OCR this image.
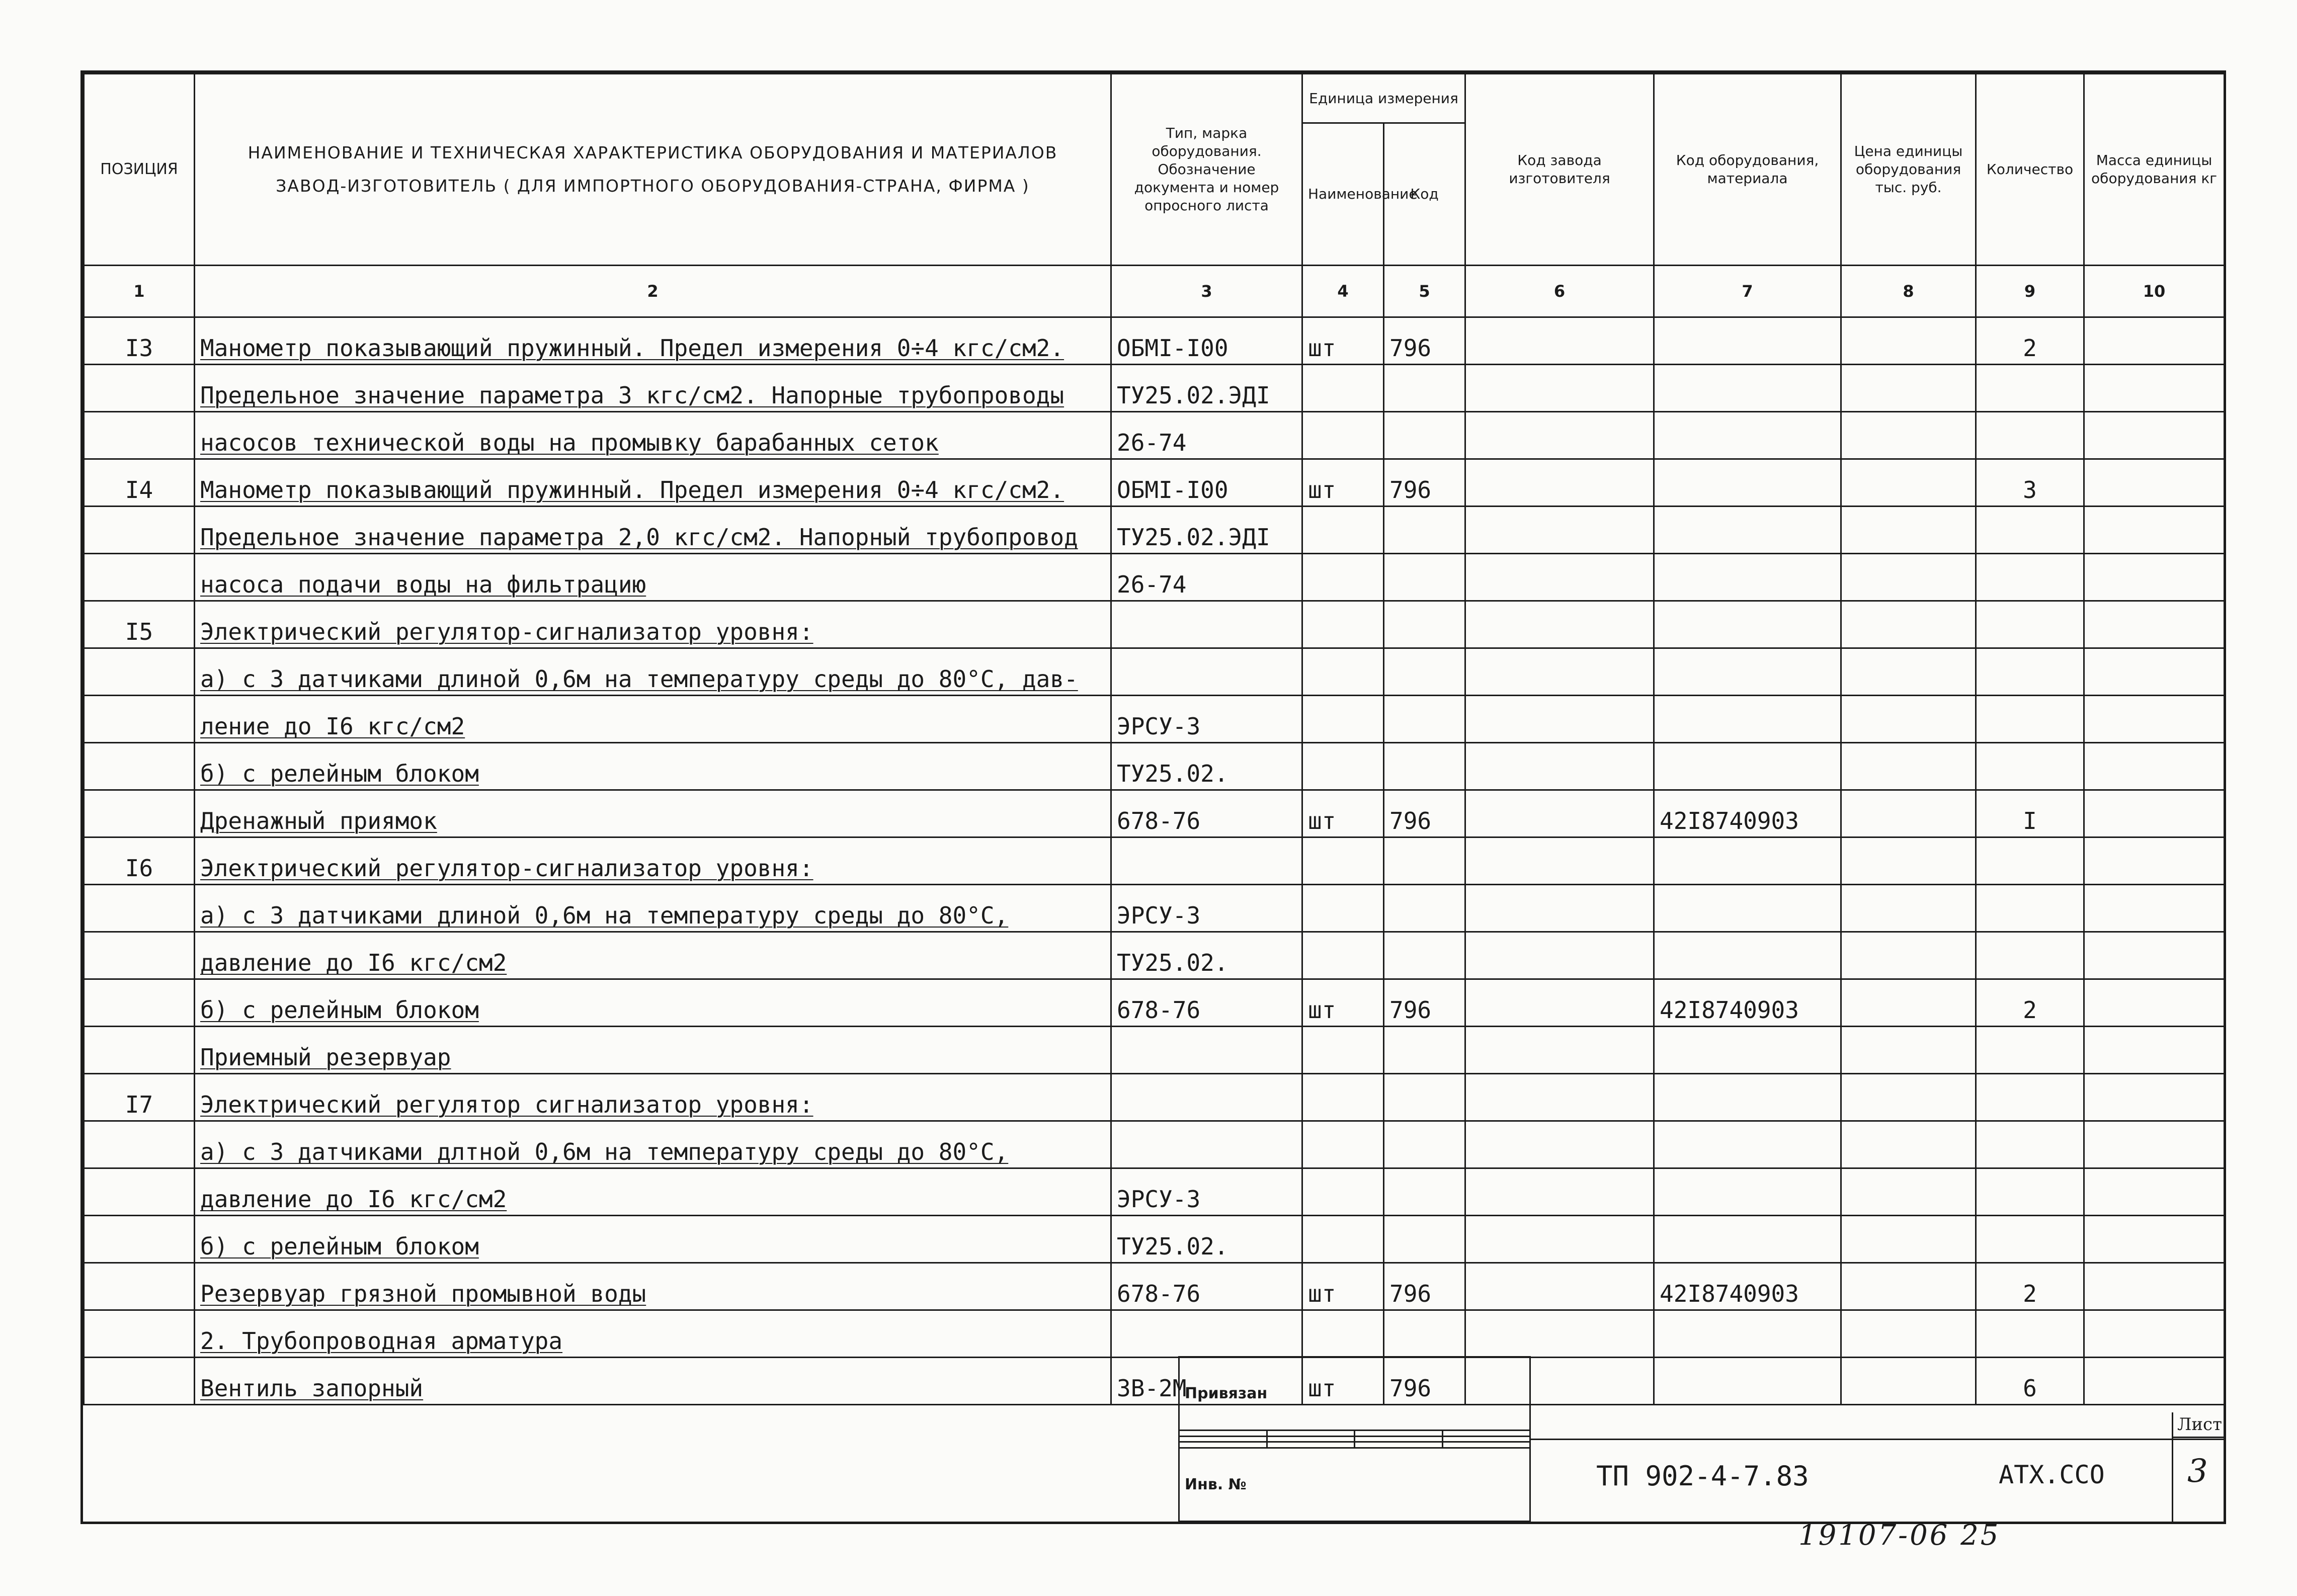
ПОЗИЦИЯ	НАИМЕНОВАНИЕ И ТЕХНИЧЕСКАЯ ХАРАКТЕРИСТИКА ОБОРУДОВАНИЯ И МАТЕРИАЛОВ
ЗАВОД-ИЗГОТОВИТЕЛЬ ( ДЛЯ ИМПОРТНОГО ОБОРУДОВАНИЯ-СТРАНА, ФИРМА )	Тип, марка оборудования. Обозначение документа и номер опросного листа	Единица измерения		Код завода изготовителя	Код оборудования, материала	Цена единицы оборудования тыс. руб.	Количество	Масса единицы оборудования кг
			Наименование	Код					
1	2	3	4	5	6	7	8	9	10
I3	Манометр показывающий пружинный. Предел измерения 0÷4 кгс/см2.	ОБМI-I00	шт	796				2	
	Предельное значение параметра 3 кгс/см2. Напорные трубопроводы	ТУ25.02.ЭДI							
	насосов технической воды на промывку барабанных сеток	26-74							
I4	Манометр показывающий пружинный. Предел измерения 0÷4 кгс/см2.	ОБМI-I00	шт	796				3	
	Предельное значение параметра 2,0 кгс/см2. Напорный трубопровод	ТУ25.02.ЭДI							
	насоса подачи воды на фильтрацию	26-74							
I5	Электрический регулятор-сигнализатор уровня:								
	а) с 3 датчиками длиной 0,6м на температуру среды до 80°С, дав-								
	ление до I6 кгс/см2	ЭРСУ-3							
	б) с релейным блоком	ТУ25.02.							
	Дренажный приямок	678-76	шт	796		42I8740903		I	
I6	Электрический регулятор-сигнализатор уровня:								
	а) с 3 датчиками длиной 0,6м на температуру среды до 80°С,	ЭРСУ-3							
	давление до I6 кгс/см2	ТУ25.02.							
	б) с релейным блоком	678-76	шт	796		42I8740903		2	
	Приемный резервуар								
I7	Электрический регулятор сигнализатор уровня:								
	а) с 3 датчиками длтной 0,6м на температуру среды до 80°С,								
	давление до I6 кгс/см2	ЭРСУ-3							
	б) с релейным блоком	ТУ25.02.							
	Резервуар грязной промывной воды	678-76	шт	796		42I8740903		2	
	2. Трубопроводная арматура								
	Вентиль запорный	3В-2М	шт	796				6	
Привязан			

Инв. №				ТП 902-4-7.83	АТХ.ССО
Лист
3
19107-06 25
